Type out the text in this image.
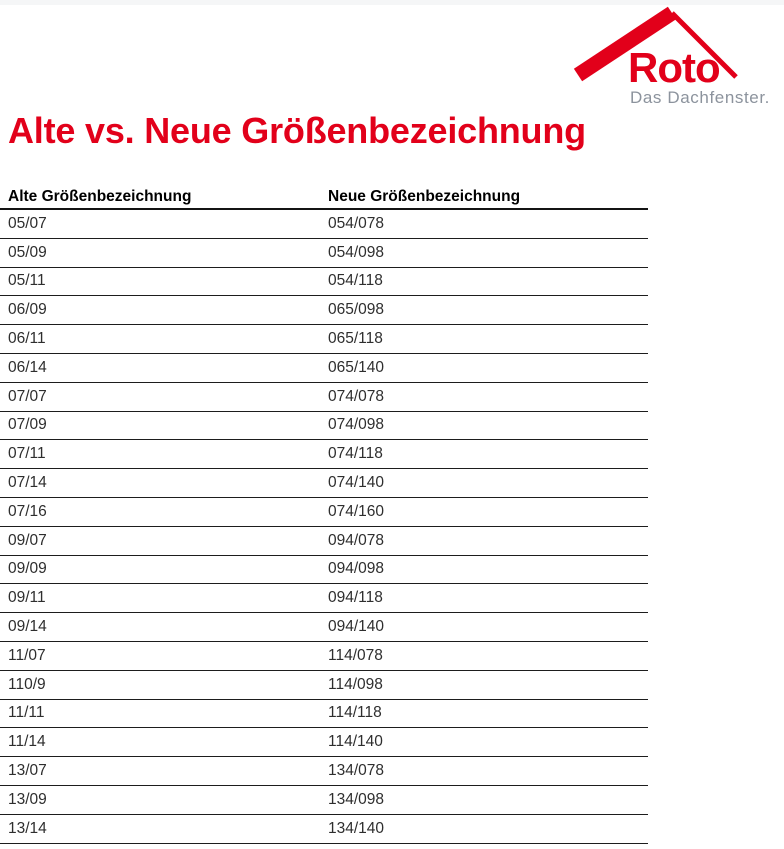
Roto
Das Dachfenster.
Alte vs. Neue Größenbezeichnung
Alte Größenbezeichnung	Neue Größenbezeichnung
05/07	054/078
05/09	054/098
05/11	054/118
06/09	065/098
06/11	065/118
06/14	065/140
07/07	074/078
07/09	074/098
07/11	074/118
07/14	074/140
07/16	074/160
09/07	094/078
09/09	094/098
09/11	094/118
09/14	094/140
11/07	114/078
110/9	114/098
11/11	114/118
11/14	114/140
13/07	134/078
13/09	134/098
13/14	134/140
